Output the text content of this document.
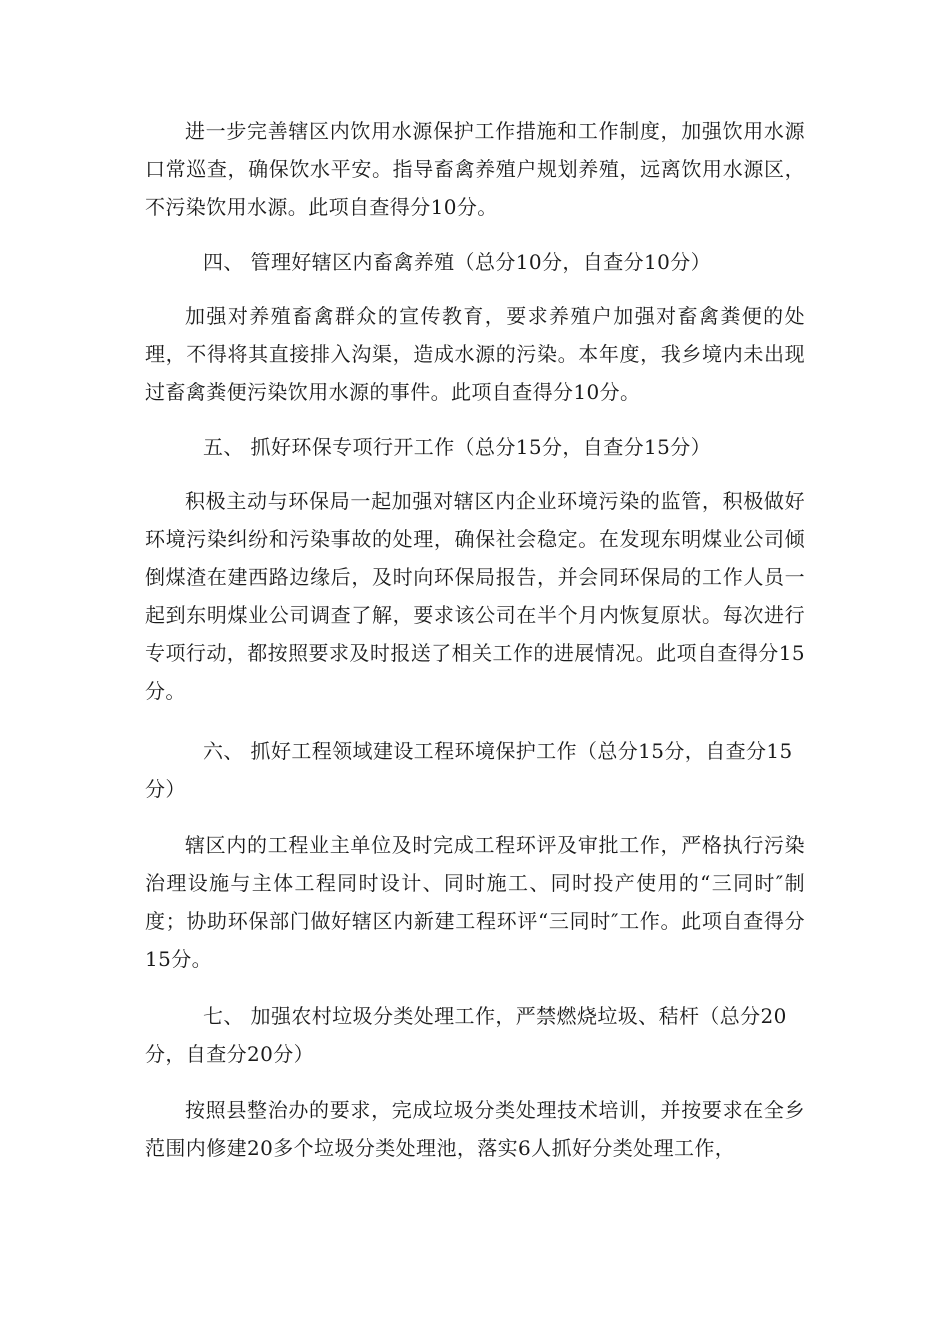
进一步完善辖区内饮用水源保护工作措施和工作制度，加强饮用水源口常巡查，确保饮水平安。指导畜禽养殖户规划养殖，远离饮用水源区，不污染饮用水源。此项自查得分10分。

四、 管理好辖区内畜禽养殖（总分10分，自查分10分）

加强对养殖畜禽群众的宣传教育，要求养殖户加强对畜禽粪便的处理，不得将其直接排入沟渠，造成水源的污染。本年度，我乡境内未出现过畜禽粪便污染饮用水源的事件。此项自查得分10分。

五、 抓好环保专项行开工作（总分15分，自查分15分）

积极主动与环保局一起加强对辖区内企业环境污染的监管，积极做好环境污染纠纷和污染事故的处理，确保社会稳定。在发现东明煤业公司倾倒煤渣在建西路边缘后，及时向环保局报告，并会同环保局的工作人员一起到东明煤业公司调查了解，要求该公司在半个月内恢复原状。每次进行专项行动，都按照要求及时报送了相关工作的进展情况。此项自查得分15分。

六、 抓好工程领域建设工程环境保护工作（总分15分，自查分15分）

辖区内的工程业主单位及时完成工程环评及审批工作，严格执行污染治理设施与主体工程同时设计、同时施工、同时投产使用的“三同时″制度；协助环保部门做好辖区内新建工程环评“三同时″工作。此项自查得分15分。

七、 加强农村垃圾分类处理工作，严禁燃烧垃圾、秸杆（总分20分，自查分20分）

按照县整治办的要求，完成垃圾分类处理技术培训，并按要求在全乡范围内修建20多个垃圾分类处理池，落实6人抓好分类处理工作，
